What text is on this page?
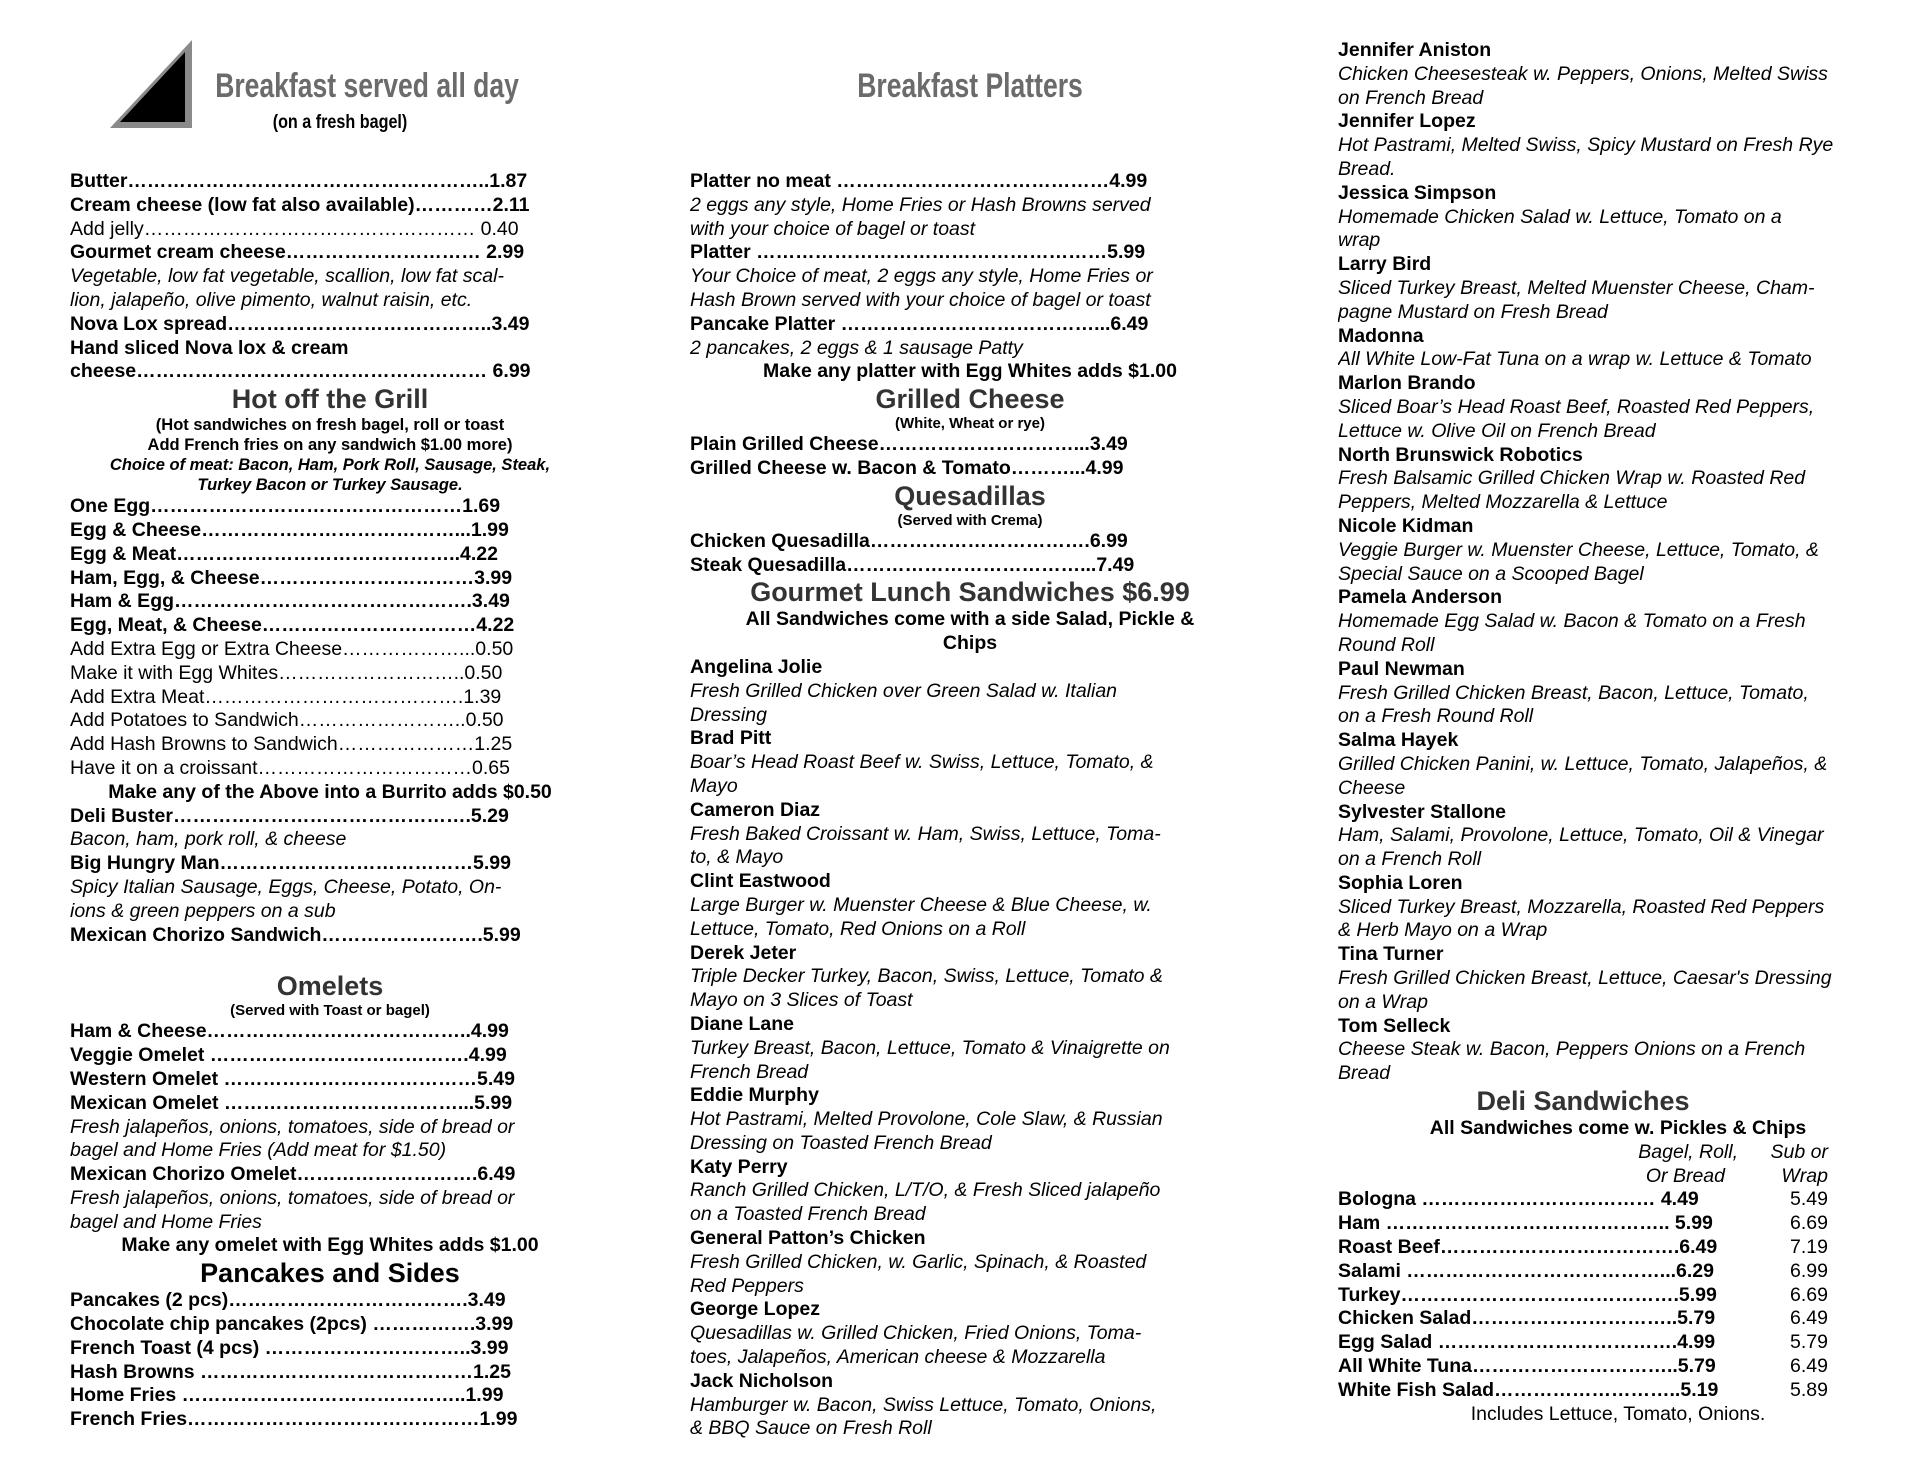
Breakfast served all day
(on a fresh bagel)
Butter………………………………………………..1.87
Cream cheese (low fat also available)…………2.11
Add jelly…………………………………………… 0.40
Gourmet cream cheese………………………… 2.99
Vegetable, low fat vegetable, scallion, low fat scal-
lion, jalapeño, olive pimento, walnut raisin, etc.
Nova Lox spread…………………………………..3.49
Hand sliced Nova lox & cream
cheese……………………………………………… 6.99
Hot off the Grill
(Hot sandwiches on fresh bagel, roll or toast
Add French fries on any sandwich $1.00 more)
Choice of meat: Bacon, Ham, Pork Roll, Sausage, Steak,
Turkey Bacon or Turkey Sausage.
One Egg…………………………………………1.69
Egg & Cheese…………………………………...1.99
Egg & Meat……………………………………..4.22
Ham, Egg, & Cheese……………………………3.99
Ham & Egg……………………………………….3.49
Egg, Meat, & Cheese……………………………4.22
Add Extra Egg or Extra Cheese………………...0.50
Make it with Egg Whites………………………..0.50
Add Extra Meat………………………………….1.39
Add Potatoes to Sandwich……………………..0.50
Add Hash Browns to Sandwich…………………1.25
Have it on a croissant……………………………0.65
Make any of the Above into a Burrito adds $0.50
Deli Buster……………………………………….5.29
Bacon, ham, pork roll, & cheese
Big Hungry Man…………………………………5.99
Spicy Italian Sausage, Eggs, Cheese, Potato, On-
ions & green peppers on a sub
Mexican Chorizo Sandwich…………………….5.99
Omelets
(Served with Toast or bagel)
Ham & Cheese…………………………………..4.99
Veggie Omelet ………………………………….4.99
Western Omelet …………………………………5.49
Mexican Omelet ………………………………...5.99
Fresh jalapeños, onions, tomatoes, side of bread or
bagel and Home Fries (Add meat for $1.50)
Mexican Chorizo Omelet……………………….6.49
Fresh jalapeños, onions, tomatoes, side of bread or
bagel and Home Fries
Make any omelet with Egg Whites adds $1.00
Pancakes and Sides
Pancakes (2 pcs)……………………………….3.49
Chocolate chip pancakes (2pcs) …………….3.99
French Toast (4 pcs) …………………………..3.99
Hash Browns ……………………………………1.25
Home Fries ……………………………………..1.99
French Fries………………………………………1.99
Breakfast Platters
Platter no meat ……………………………………4.99
2 eggs any style, Home Fries or Hash Browns served
with your choice of bagel or toast
Platter ………………………………………………5.99
Your Choice of meat, 2 eggs any style, Home Fries or
Hash Brown served with your choice of bagel or toast
Pancake Platter …………………………………...6.49
2 pancakes, 2 eggs & 1 sausage Patty
Make any platter with Egg Whites adds $1.00
Grilled Cheese
(White, Wheat or rye)
Plain Grilled Cheese…………………………...3.49
Grilled Cheese w. Bacon & Tomato………...4.99
Quesadillas
(Served with Crema)
Chicken Quesadilla…………………………….6.99
Steak Quesadilla………………………………...7.49
Gourmet Lunch Sandwiches $6.99
All Sandwiches come with a side Salad, Pickle &
Chips
Angelina Jolie
Fresh Grilled Chicken over Green Salad w. Italian
Dressing
Brad Pitt
Boar’s Head Roast Beef w. Swiss, Lettuce, Tomato, &
Mayo
Cameron Diaz
Fresh Baked Croissant w. Ham, Swiss, Lettuce, Toma-
to, & Mayo
Clint Eastwood
Large Burger w. Muenster Cheese & Blue Cheese, w.
Lettuce, Tomato, Red Onions on a Roll
Derek Jeter
Triple Decker Turkey, Bacon, Swiss, Lettuce, Tomato &
Mayo on 3 Slices of Toast
Diane Lane
Turkey Breast, Bacon, Lettuce, Tomato & Vinaigrette on
French Bread
Eddie Murphy
Hot Pastrami, Melted Provolone, Cole Slaw, & Russian
Dressing on Toasted French Bread
Katy Perry
Ranch Grilled Chicken, L/T/O, & Fresh Sliced jalapeño
on a Toasted French Bread
General Patton’s Chicken
Fresh Grilled Chicken, w. Garlic, Spinach, & Roasted
Red Peppers
George Lopez
Quesadillas w. Grilled Chicken, Fried Onions, Toma-
toes, Jalapeños, American cheese & Mozzarella
Jack Nicholson
Hamburger w. Bacon, Swiss Lettuce, Tomato, Onions,
& BBQ Sauce on Fresh Roll
Jennifer Aniston
Chicken Cheesesteak w. Peppers, Onions, Melted Swiss
on French Bread
Jennifer Lopez
Hot Pastrami, Melted Swiss, Spicy Mustard on Fresh Rye
Bread.
Jessica Simpson
Homemade Chicken Salad w. Lettuce, Tomato on a
wrap
Larry Bird
Sliced Turkey Breast, Melted Muenster Cheese, Cham-
pagne Mustard on Fresh Bread
Madonna
All White Low-Fat Tuna on a wrap w. Lettuce & Tomato
Marlon Brando
Sliced Boar’s Head Roast Beef, Roasted Red Peppers,
Lettuce w. Olive Oil on French Bread
North Brunswick Robotics
Fresh Balsamic Grilled Chicken Wrap w. Roasted Red
Peppers, Melted Mozzarella & Lettuce
Nicole Kidman
Veggie Burger w. Muenster Cheese, Lettuce, Tomato, &
Special Sauce on a Scooped Bagel
Pamela Anderson
Homemade Egg Salad w. Bacon & Tomato on a Fresh
Round Roll
Paul Newman
Fresh Grilled Chicken Breast, Bacon, Lettuce, Tomato,
on a Fresh Round Roll
Salma Hayek
Grilled Chicken Panini, w. Lettuce, Tomato, Jalapeños, &
Cheese
Sylvester Stallone
Ham, Salami, Provolone, Lettuce, Tomato, Oil & Vinegar
on a French Roll
Sophia Loren
Sliced Turkey Breast, Mozzarella, Roasted Red Peppers
& Herb Mayo on a Wrap
Tina Turner
Fresh Grilled Chicken Breast, Lettuce, Caesar's Dressing
on a Wrap
Tom Selleck
Cheese Steak w. Bacon, Peppers Onions on a French
Bread
Deli Sandwiches
All Sandwiches come w. Pickles & Chips
Bagel, Roll,	Sub or
Or Bread	Wrap
Bologna ……………………………… 4.49	5.49
Ham …………………………………….. 5.99	6.69
Roast Beef……………………………….6.49	7.19
Salami …………………………………...6.29	6.99
Turkey…………………………………….5.99	6.69
Chicken Salad…………………………..5.79	6.49
Egg Salad ……………………………….4.99	5.79
All White Tuna…………………………..5.79	6.49
White Fish Salad………………………..5.19	5.89
Includes Lettuce, Tomato, Onions.
